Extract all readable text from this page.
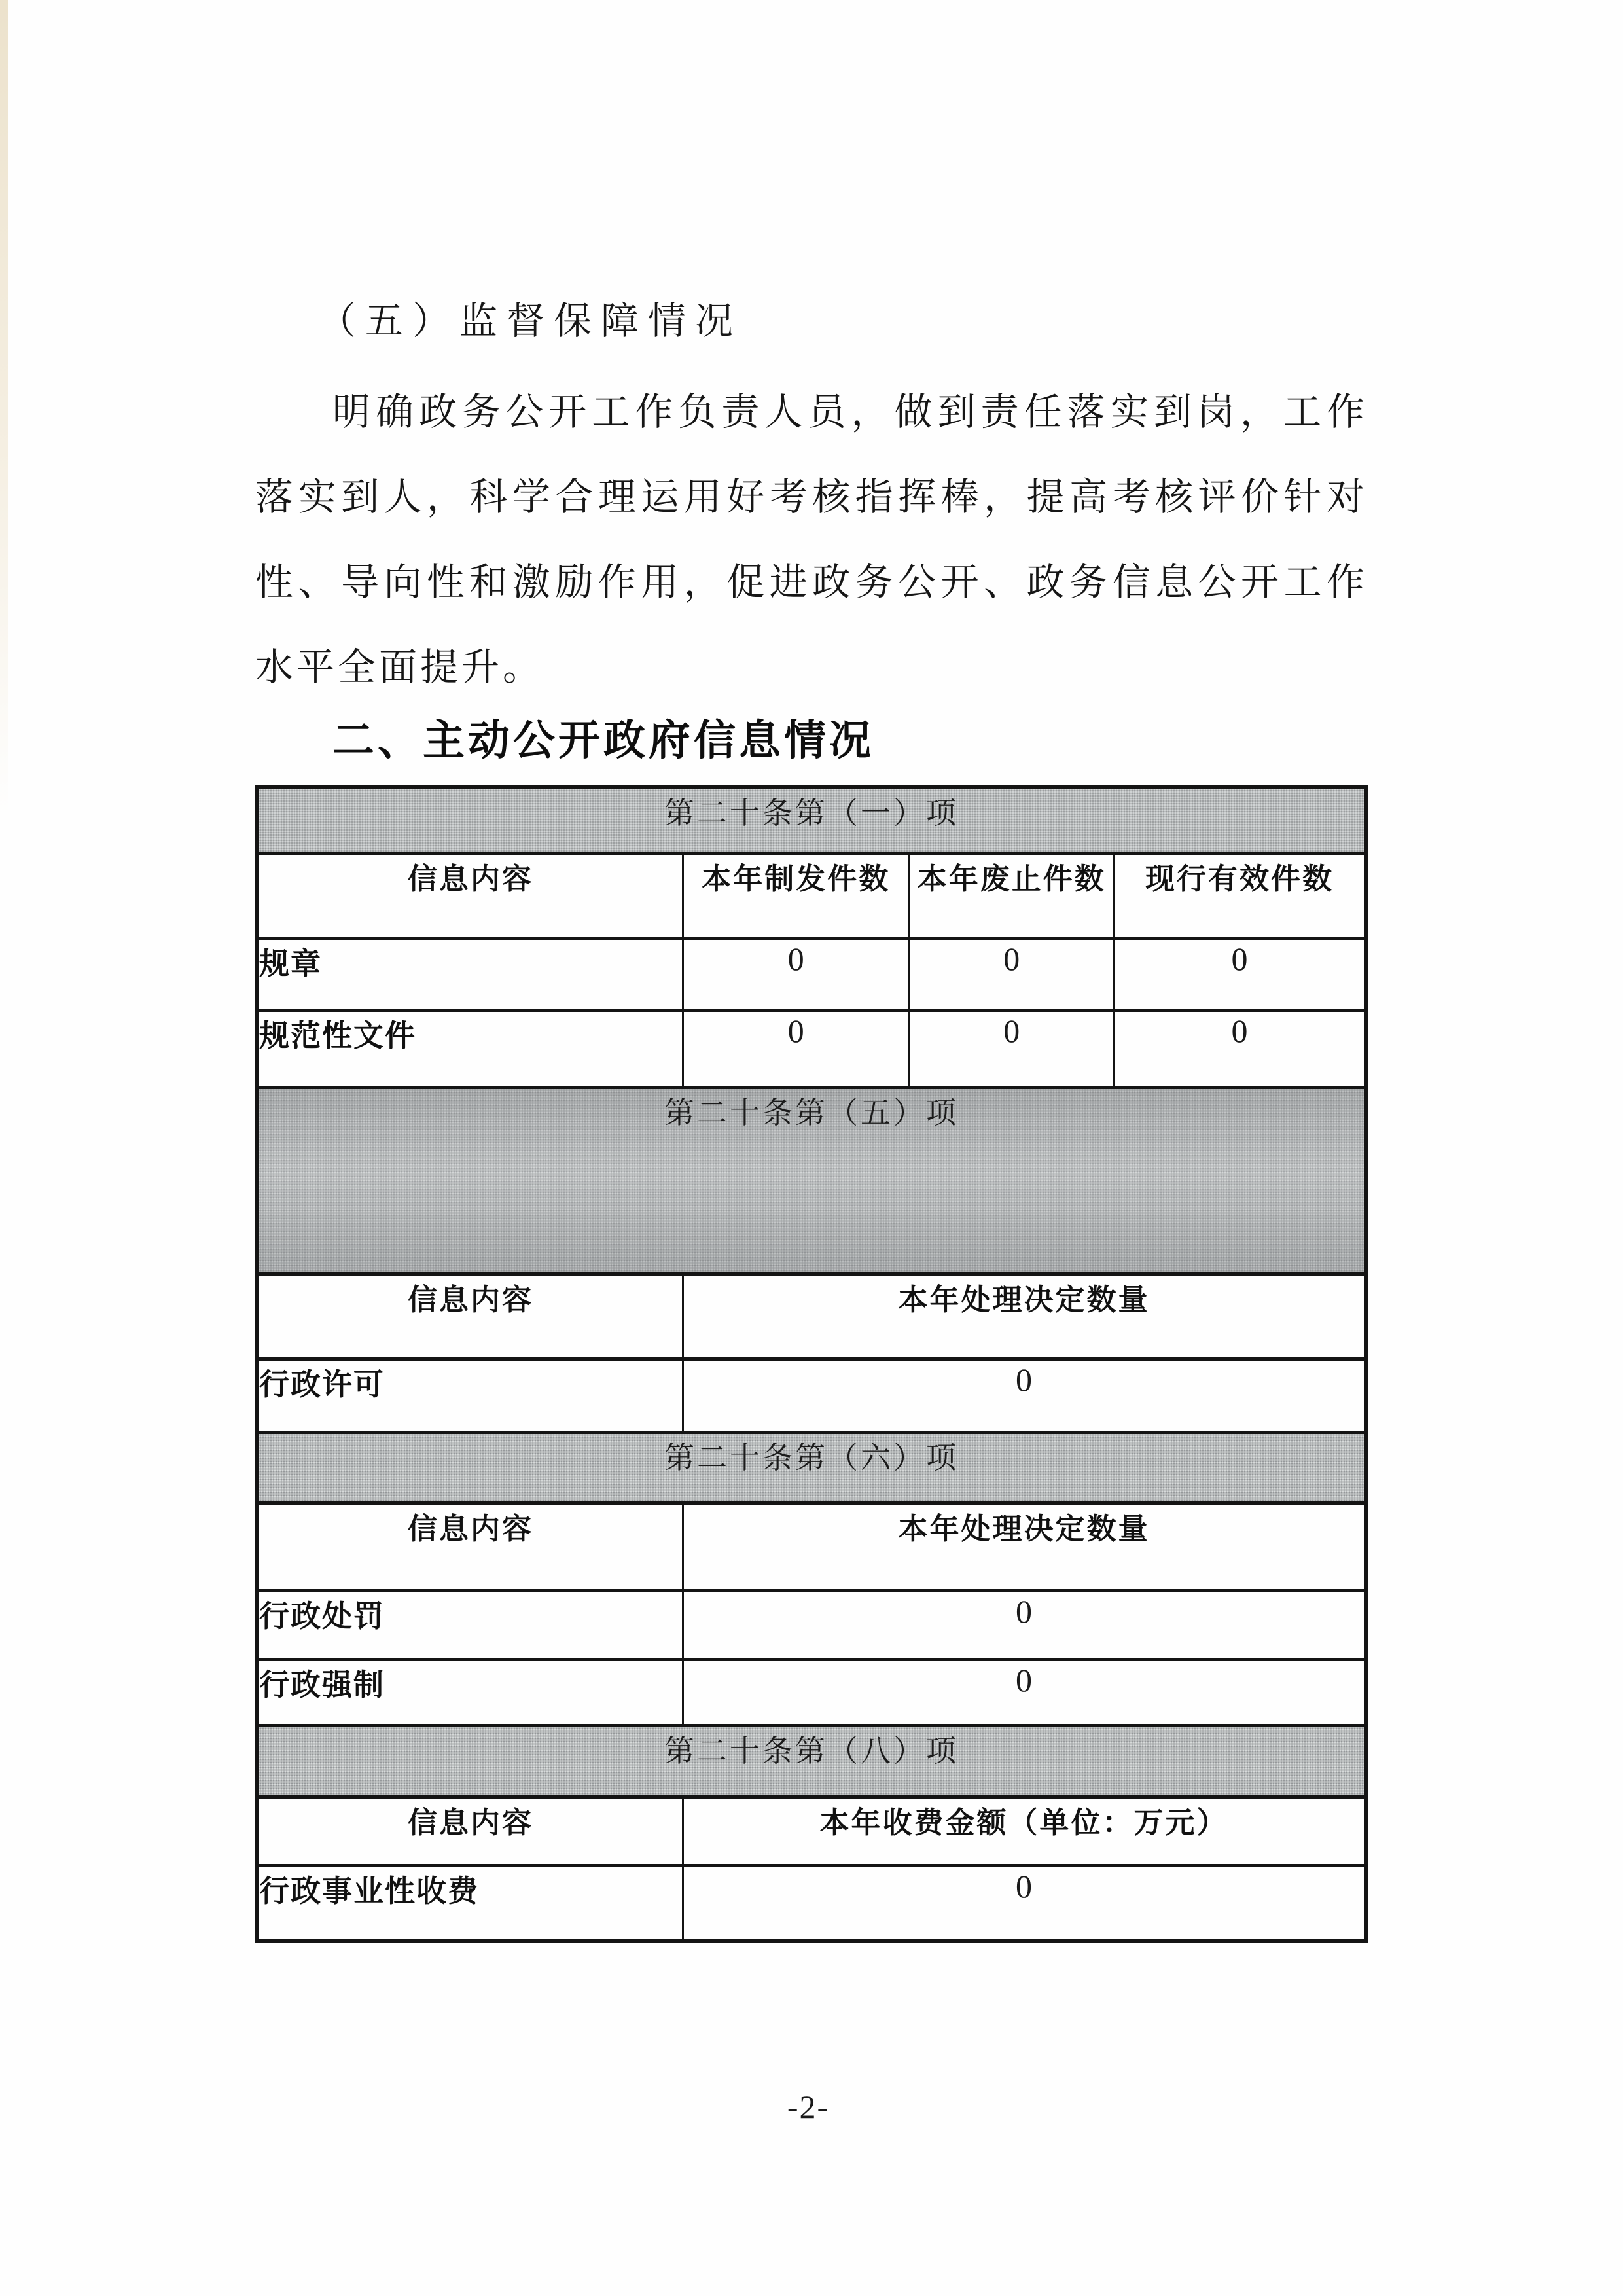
（五）监督保障情况
明确政务公开工作负责人员，做到责任落实到岗，工作
落实到人，科学合理运用好考核指挥棒，提高考核评价针对
性、导向性和激励作用，促进政务公开、政务信息公开工作
水平全面提升。
二、主动公开政府信息情况
第二十条第（一）项			
信息内容	本年制发件数	本年废止件数	现行有效件数
规章	0	0	0
规范性文件	0	0	0
第二十条第（五）项			
信息内容	本年处理决定数量		
行政许可	0		
第二十条第（六）项			
信息内容	本年处理决定数量		
行政处罚	0		
行政强制	0		
第二十条第（八）项			
信息内容	本年收费金额（单位：万元）		
行政事业性收费	0		
-2-
